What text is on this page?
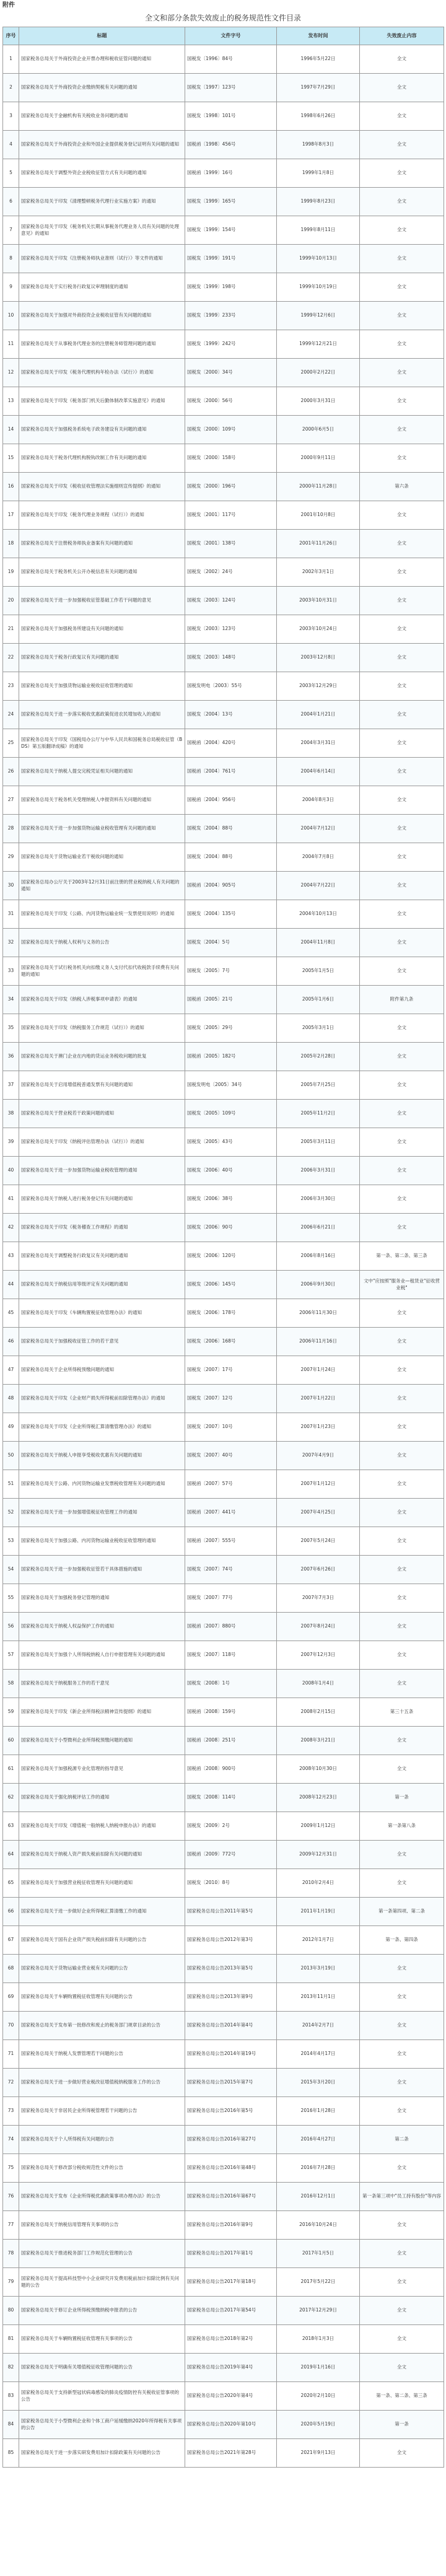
附件
全文和部分条款失效废止的税务规范性文件目录
序号	标题	文件字号	发布时间	失效废止内容
1	国家税务总局关于外商投资企业开票办理和税收征管问题的通知	国税发〔1996〕84号	1996年5月22日	全文
2	国家税务总局关于外商投资企业缴纳契税有关问题的通知	国税发〔1997〕123号	1997年7月29日	全文
3	国家税务总局关于金融机构有关税收业务问题的通知	国税发〔1998〕101号	1998年6月26日	全文
4	国家税务总局关于外商投资企业和外国企业提供税务登记证明有关问题的通知	国税函〔1998〕456号	1998年8月3日	全文
5	国家税务总局关于调整外资企业税收征管方式有关问题的通知	国税函〔1999〕16号	1999年1月8日	全文
6	国家税务总局关于印发《清理整顿税务代理行业实施方案》的通知	国税发〔1999〕165号	1999年8月23日	全文
7	国家税务总局关于印发《税务机关长期从事税务代理业务人员有关问题的处理意见》的通知	国税发〔1999〕154号	1999年8月11日	全文
8	国家税务总局关于印发《注册税务师执业准则（试行）》等文件的通知	国税发〔1999〕191号	1999年10月13日	全文
9	国家税务总局关于实行税务行政复议审理制度的通知	国税发〔1999〕198号	1999年10月19日	全文
10	国家税务总局关于加强对外商投资企业税收征管有关问题的通知	国税发〔1999〕233号	1999年12月6日	全文
11	国家税务总局关于从事税务代理业务的注册税务师管理问题的通知	国税发〔1999〕242号	1999年12月21日	全文
12	国家税务总局关于印发《税务代理机构年检办法（试行）》的通知	国税发〔2000〕34号	2000年2月22日	全文
13	国家税务总局关于印发《税务部门机关后勤体制改革实施意见》的通知	国税发〔2000〕56号	2000年3月31日	全文
14	国家税务总局关于加强税务系统电子政务建设有关问题的通知	国税发〔2000〕109号	2000年6月5日	全文
15	国家税务总局关于税务代理机构脱钩改制工作有关问题的通知	国税发〔2000〕158号	2000年9月11日	全文
16	国家税务总局关于印发《税收征收管理法实施细则宣传提纲》的通知	国税发〔2000〕196号	2000年11月28日	第六条
17	国家税务总局关于印发《税务代理业务规程（试行）》的通知	国税发〔2001〕117号	2001年10月8日	全文
18	国家税务总局关于注册税务师执业备案有关问题的通知	国税发〔2001〕138号	2001年11月26日	全文
19	国家税务总局关于税务机关公开办税信息有关问题的通知	国税发〔2002〕24号	2002年3月1日	全文
20	国家税务总局关于进一步加强税收征管基础工作若干问题的意见	国税发〔2003〕124号	2003年10月31日	全文
21	国家税务总局关于加强税务所建设有关问题的通知	国税发〔2003〕123号	2003年10月24日	全文
22	国家税务总局关于税务行政复议有关问题的通知	国税发〔2003〕148号	2003年12月8日	全文
23	国家税务总局关于加强货物运输业税收征收管理的通知	国税发明电〔2003〕55号	2003年12月29日	全文
24	国家税务总局关于进一步落实税收优惠政策促进农民增加收入的通知	国税发〔2004〕13号	2004年1月21日	全文
25	国家税务总局关于印发《国税局办公厅与中华人民共和国税务总局税收征管（BDS）第五版翻译成稿》的通知	国税函〔2004〕420号	2004年3月31日	全文
26	国家税务总局关于纳税人提交完税凭证相关问题的通知	国税函〔2004〕761号	2004年6月14日	全文
27	国家税务总局关于税务机关受理纳税人申报资料有关问题的通知	国税函〔2004〕956号	2004年8月3日	全文
28	国家税务总局关于进一步加强货物运输业税收管理有关问题的通知	国税发〔2004〕88号	2004年7月12日	全文
29	国家税务总局关于货物运输业若干税收问题的通知	国税发〔2004〕88号	2004年7月8日	全文
30	国家税务总局办公厅关于2003年12月31日前注册的营业税纳税人有关问题的通知	国税函〔2004〕905号	2004年7月22日	全文
31	国家税务总局关于印发《公路、内河货物运输业统一发票使用说明》的通知	国税发〔2004〕135号	2004年10月13日	全文
32	国家税务总局关于纳税人权利与义务的公告	国税发〔2004〕5号	2004年11月8日	全文
33	国家税务总局关于试行税务机关向扣缴义务人支付代扣代收税款手续费有关问题的通知	国税发〔2005〕7号	2005年1月5日	全文
34	国家税务总局关于印发《纳税人涉税事项申请表》的通知	国税函〔2005〕21号	2005年1月6日	附件第九条
35	国家税务总局关于印发《纳税服务工作规范（试行）》的通知	国税发〔2005〕29号	2005年3月1日	全文
36	国家税务总局关于澳门企业在内地的货运业务税收问题的批复	国税函〔2005〕182号	2005年2月28日	全文
37	国家税务总局关于启用增值税普通发票有关问题的通知	国税发明电〔2005〕34号	2005年7月25日	全文
38	国家税务总局关于营业税若干政策问题的通知	国税发〔2005〕109号	2005年11月2日	全文
39	国家税务总局关于印发《纳税评估管理办法（试行）》的通知	国税发〔2005〕43号	2005年3月11日	全文
40	国家税务总局关于进一步加强货物运输业税收管理的通知	国税发〔2006〕40号	2006年3月31日	全文
41	国家税务总局关于纳税人进行税务登记有关问题的通知	国税发〔2006〕38号	2006年3月30日	全文
42	国家税务总局关于印发《税务稽查工作规程》的通知	国税发〔2006〕90号	2006年6月21日	全文
43	国家税务总局关于调整税务行政复议有关问题的通知	国税发〔2006〕120号	2006年8月16日	第一条、第二条、第三条
44	国家税务总局关于纳税信用等级评定有关问题的通知	国税发〔2006〕145号	2006年9月30日	文中"应按照"服务业—租赁业"征收营业税"
45	国家税务总局关于印发《车辆购置税征收管理办法》的通知	国税发〔2006〕178号	2006年11月30日	全文
46	国家税务总局关于加强税收征管工作的若干意见	国税发〔2006〕168号	2006年11月16日	全文
47	国家税务总局关于企业所得税预缴问题的通知	国税发〔2007〕17号	2007年1月24日	全文
48	国家税务总局关于印发《企业财产损失所得税前扣除管理办法》的通知	国税发〔2007〕12号	2007年1月22日	全文
49	国家税务总局关于印发《企业所得税汇算清缴管理办法》的通知	国税发〔2007〕10号	2007年1月23日	全文
50	国家税务总局关于纳税人申报享受税收优惠有关问题的通知	国税发〔2007〕40号	2007年4月9日	全文
51	国家税务总局关于公路、内河货物运输业发票税收管理有关问题的通知	国税函〔2007〕57号	2007年1月12日	全文
52	国家税务总局关于进一步加强增值税征收管理工作的通知	国税函〔2007〕441号	2007年4月25日	全文
53	国家税务总局关于加强公路、内河货物运输业税收征收管理的通知	国税函〔2007〕555号	2007年5月24日	全文
54	国家税务总局关于进一步加强税收征管若干具体措施的通知	国税发〔2007〕74号	2007年6月26日	全文
55	国家税务总局关于加强税务登记管理的通知	国税发〔2007〕77号	2007年7月3日	全文
56	国家税务总局关于纳税人权益保护工作的通知	国税函〔2007〕880号	2007年8月24日	全文
57	国家税务总局关于加强个人所得税纳税人自行申报管理有关问题的通知	国税发〔2007〕118号	2007年12月3日	全文
58	国家税务总局关于纳税服务工作的若干意见	国税发〔2008〕1号	2008年1月4日	全文
59	国家税务总局关于印发《新企业所得税法精神宣传提纲》的通知	国税函〔2008〕159号	2008年2月15日	第三十五条
60	国家税务总局关于小型微利企业所得税预缴问题的通知	国税函〔2008〕251号	2008年3月21日	全文
61	国家税务总局关于加强税源专业化管理的指导意见	国税函〔2008〕900号	2008年10月30日	全文
62	国家税务总局关于强化纳税评估工作的通知	国税发〔2008〕114号	2008年12月23日	第一条
63	国家税务总局关于印发《增值税一般纳税人纳税申报办法》的通知	国税发〔2009〕2号	2009年1月12日	第一条第八条
64	国家税务总局关于纳税人资产损失税前扣除有关问题的通知	国税函〔2009〕772号	2009年12月31日	全文
65	国家税务总局关于加强营业税征收管理有关问题的通知	国税发〔2010〕8号	2010年2月4日	全文
66	国家税务总局关于进一步做好企业所得税汇算清缴工作的通知	国家税务总局公告2011年第5号	2011年1月19日	第一条第四项、第二条
67	国家税务总局关于国有企业资产损失税前扣除有关问题的公告	国家税务总局公告2012年第3号	2012年1月7日	第一条、第四条
68	国家税务总局关于货物运输业营业税有关问题的公告	国家税务总局公告2013年第5号	2013年3月19日	全文
69	国家税务总局关于车辆购置税征收管理有关问题的公告	国家税务总局公告2013年第9号	2013年11月1日	全文
70	国家税务总局关于发布第一批修改和废止的税务部门规章目录的公告	国家税务总局公告2014年第4号	2014年2月7日	全文
71	国家税务总局关于纳税人发票管理若干问题的公告	国家税务总局公告2014年第19号	2014年4月17日	全文
72	国家税务总局关于进一步做好营业税改征增值税纳税服务工作的公告	国家税务总局公告2015年第7号	2015年3月20日	全文
73	国家税务总局关于非居民企业所得税管理若干问题的公告	国家税务总局公告2016年第5号	2016年1月28日	全文
74	国家税务总局关于个人所得税有关问题的公告	国家税务总局公告2016年第27号	2016年4月27日	第二条
75	国家税务总局关于修改部分税收规范性文件的公告	国家税务总局公告2016年第48号	2016年7月28日	全文
76	国家税务总局关于发布《企业所得税优惠政策事项办理办法》的公告	国家税务总局公告2016年第67号	2016年12月1日	第一条第三项中"员工持有股份"等内容
77	国家税务总局关于纳税信用管理有关事项的公告	国家税务总局公告2016年第9号	2016年10月24日	全文
78	国家税务总局关于推进税务部门工作规范化管理的公告	国家税务总局公告2017年第1号	2017年1月5日	全文
79	国家税务总局关于提高科技型中小企业研究开发费用税前加计扣除比例有关问题的公告	国家税务总局公告2017年第18号	2017年5月22日	全文
80	国家税务总局关于修订企业所得税预缴纳税申报表的公告	国家税务总局公告2017年第54号	2017年12月29日	全文
81	国家税务总局关于车辆购置税征收管理有关事项的公告	国家税务总局公告2018年第2号	2018年1月3日	全文
82	国家税务总局关于明确有关增值税征收管理问题的公告	国家税务总局公告2019年第4号	2019年1月16日	全文
83	国家税务总局关于支持新型冠状病毒感染的肺炎疫情防控有关税收征管事项的公告	国家税务总局公告2020年第4号	2020年2月10日	第一条、第二条、第三条
84	国家税务总局关于小型微利企业和个体工商户延缓缴纳2020年所得税有关事项的公告	国家税务总局公告2020年第10号	2020年5月19日	第一条
85	国家税务总局关于进一步落实研发费用加计扣除政策有关问题的公告	国家税务总局公告2021年第28号	2021年9月13日	全文
